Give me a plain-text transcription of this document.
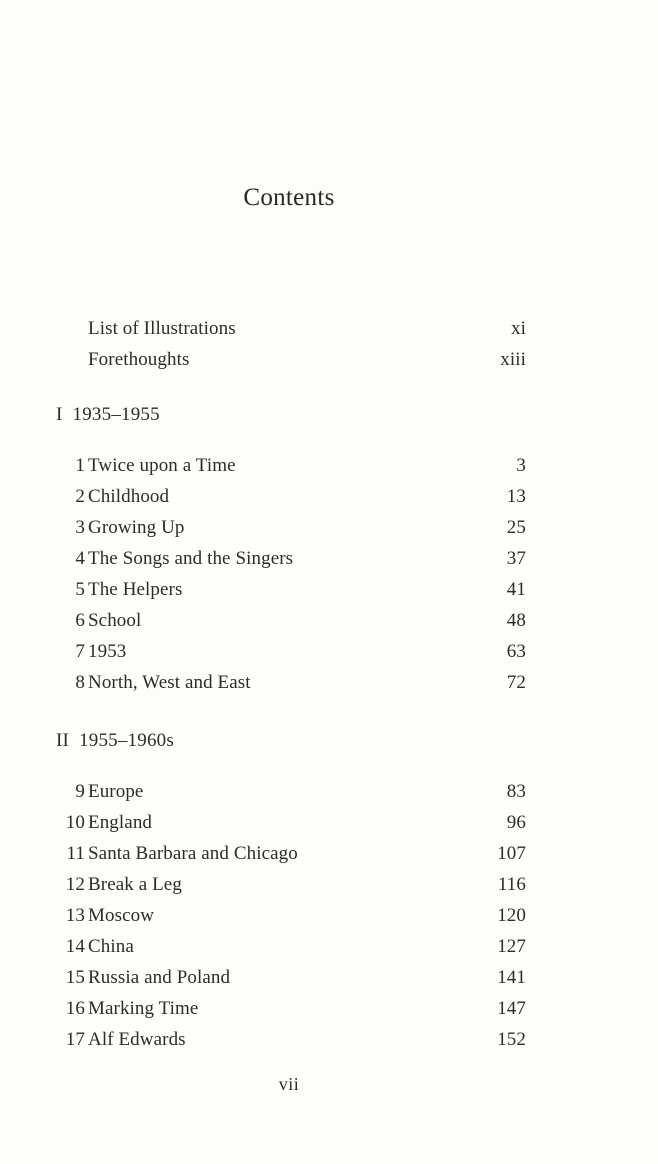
Contents
List of Illustrations	xi
Forethoughts	xiii
I 1935–1955
1 Twice upon a Time	3
2 Childhood	13
3 Growing Up	25
4 The Songs and the Singers	37
5 The Helpers	41
6 School	48
7 1953	63
8 North, West and East	72
II 1955–1960s
9 Europe	83
10 England	96
11 Santa Barbara and Chicago	107
12 Break a Leg	116
13 Moscow	120
14 China	127
15 Russia and Poland	141
16 Marking Time	147
17 Alf Edwards	152
vii
